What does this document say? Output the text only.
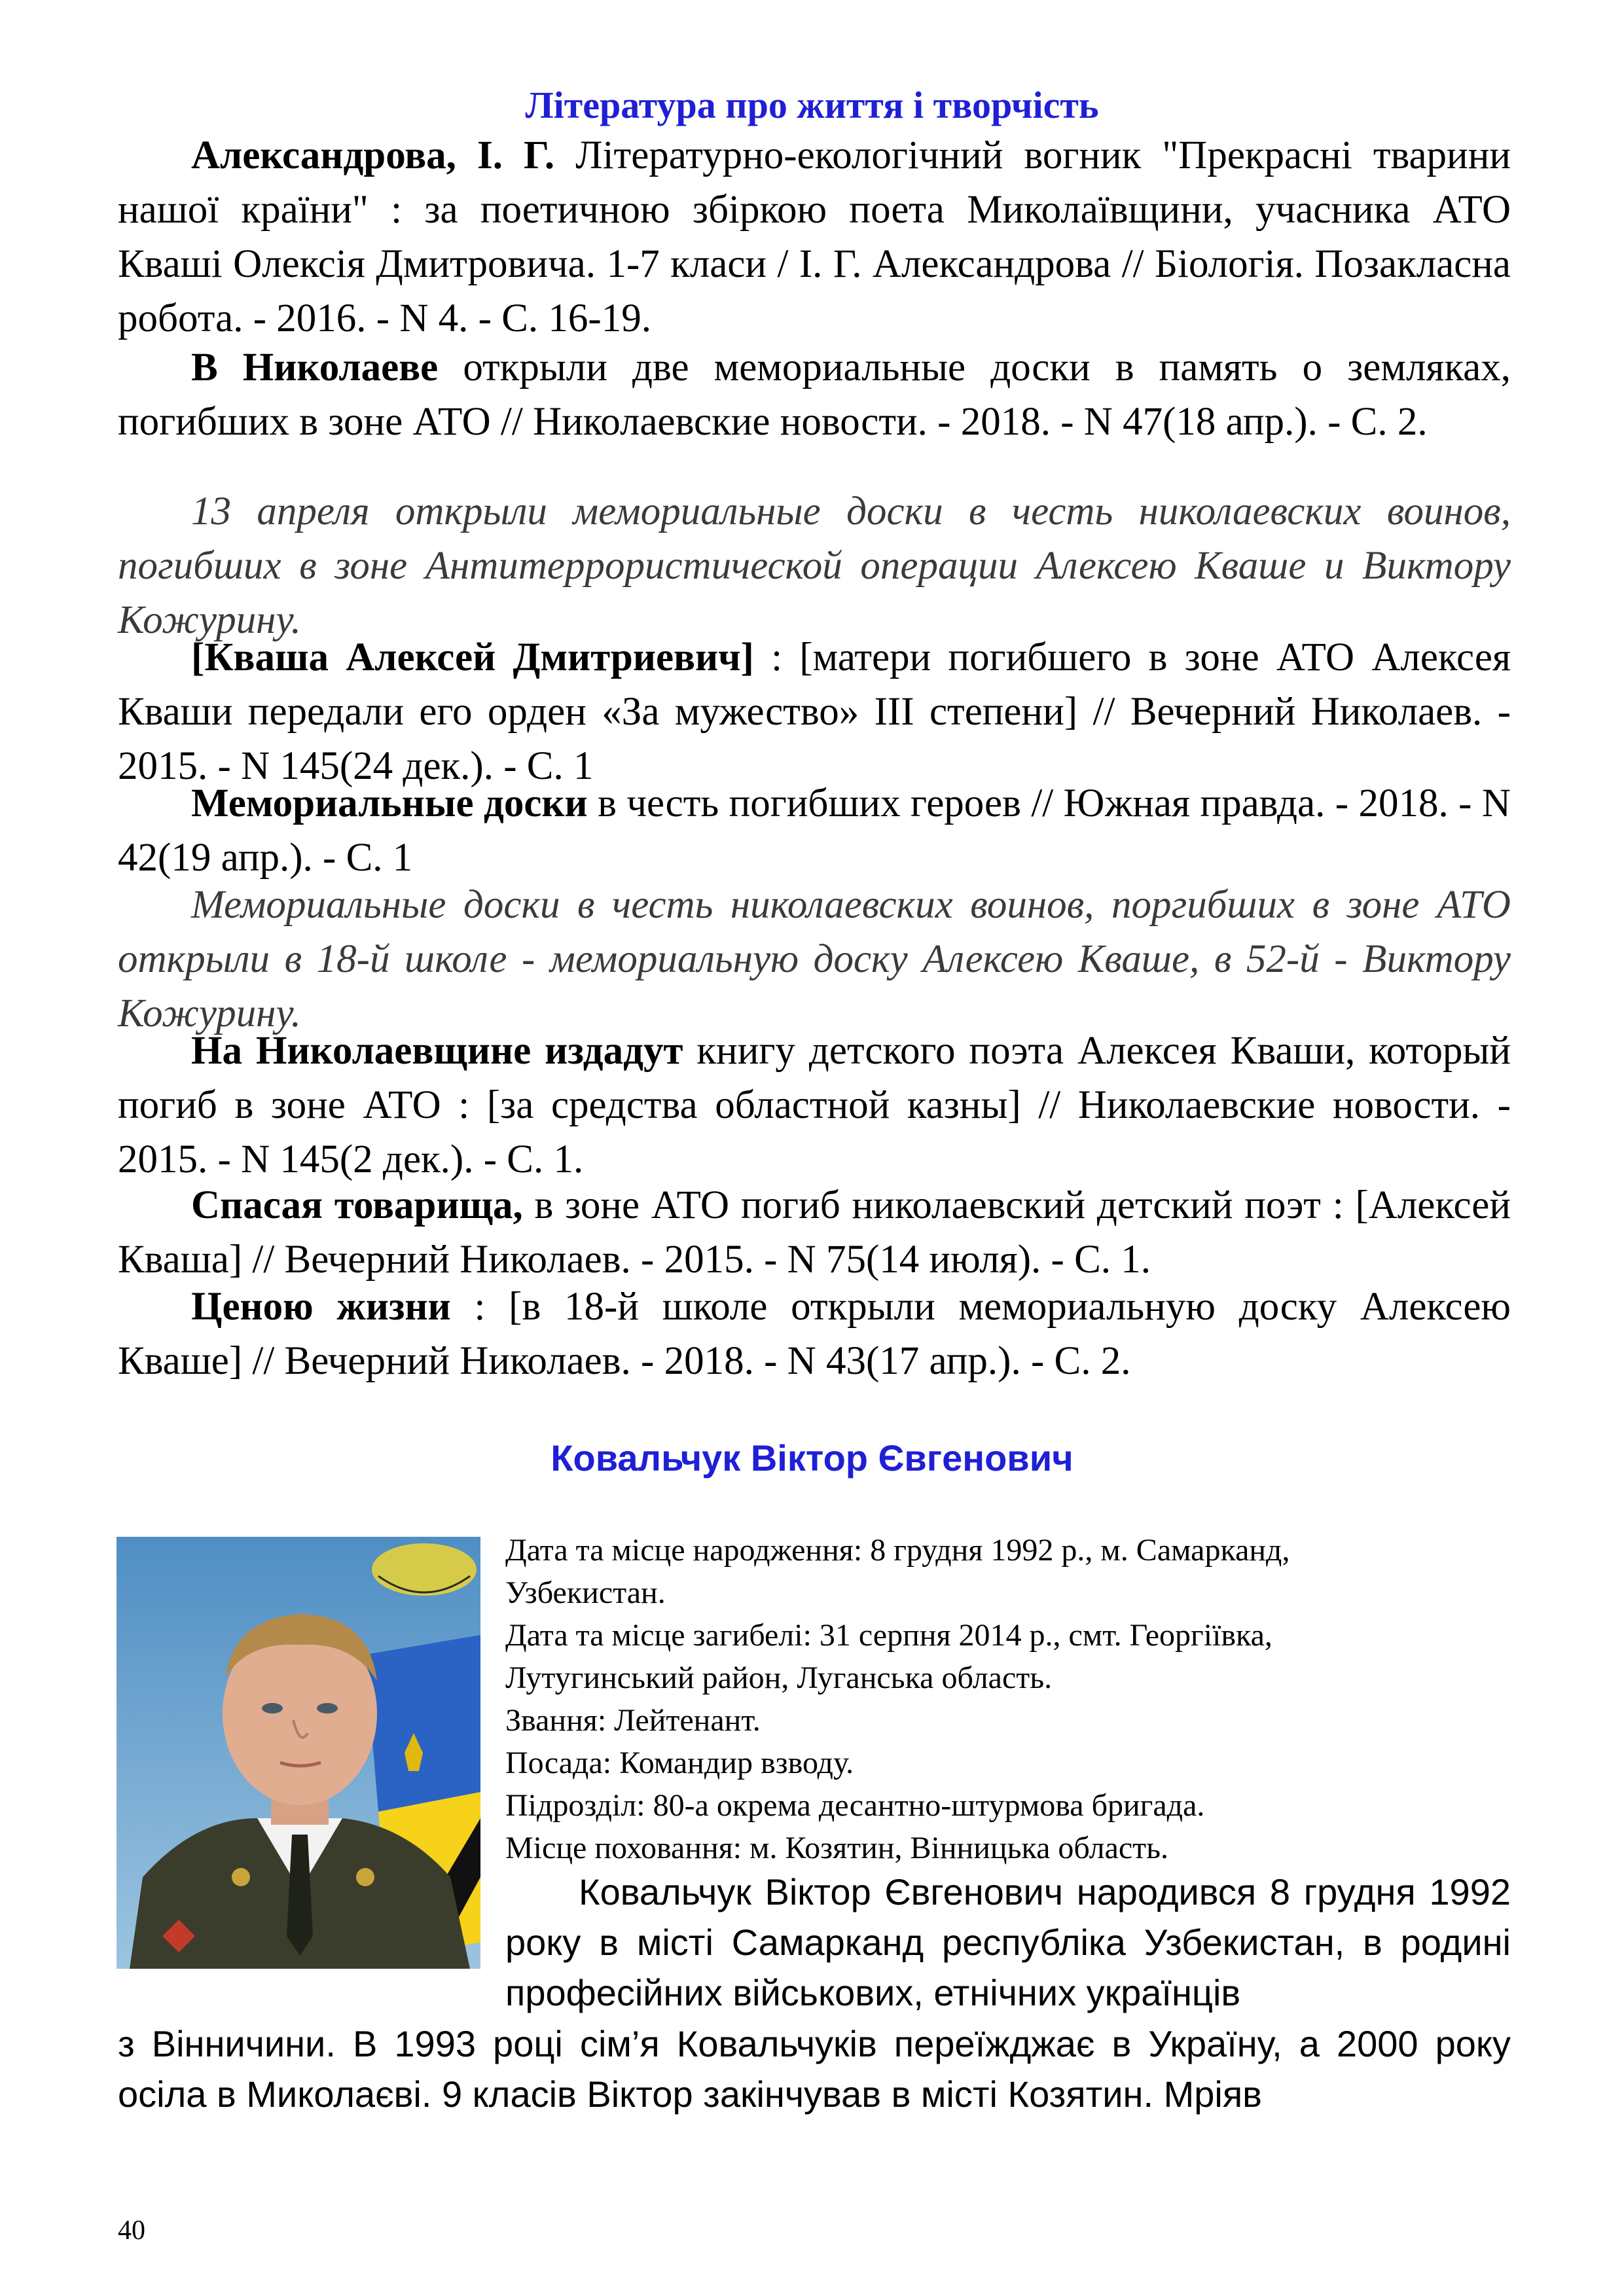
Література про життя і творчість

Александрова, І. Г. Літературно-екологічний вогник "Прекрасні тварини нашої країни" : за поетичною збіркою поета Миколаївщини, учасника АТО Кваші Олексія Дмитровича. 1-7 класи / І. Г. Александрова // Біологія. Позакласна робота. - 2016. - N 4. - С. 16-19.

В Николаеве открыли две мемориальные доски в память о земляках, погибших в зоне АТО // Николаевские новости. - 2018. - N 47(18 апр.). - С. 2.

13 апреля открыли мемориальные доски в честь николаевских воинов, погибших в зоне Антитеррористической операции Алексею Кваше и Виктору Кожурину.

[Кваша Алексей Дмитриевич] : [матери погибшего в зоне АТО Алексея Кваши передали его орден «За мужество» ІІІ степени] // Вечерний Николаев. - 2015. - N 145(24 дек.). - С. 1

Мемориальные доски в честь погибших героев // Южная правда. - 2018. - N 42(19 апр.). - С. 1

Мемориальные доски в честь николаевских воинов, поргибших в зоне АТО открыли в 18-й школе - мемориальную доску Алексею Кваше, в 52-й - Виктору Кожурину.

На Николаевщине издадут книгу детского поэта Алексея Кваши, который погиб в зоне АТО : [за средства областной казны] // Николаевские новости. - 2015. - N 145(2 дек.). - С. 1.

Спасая товарища, в зоне АТО погиб николаевский детский поэт : [Алексей Кваша] // Вечерний Николаев. - 2015. - N 75(14 июля). - С. 1.

Ценою жизни : [в 18-й школе открыли мемориальную доску Алексею Кваше] // Вечерний Николаев. - 2018. - N 43(17 апр.). - С. 2.

Ковальчук Віктор Євгенович
Дата та місце народження: 8 грудня 1992 р., м. Самарканд,
Узбекистан.
Дата та місце загибелі: 31 серпня 2014 р., смт. Георгіївка,
Лутугинський район, Луганська область.
Звання: Лейтенант.
Посада: Командир взводу.
Підрозділ: 80-а окрема десантно-штурмова бригада.
Місце поховання: м. Козятин, Вінницька область.

Ковальчук Віктор Євгенович народився 8 грудня 1992 року в місті Самарканд республіка Узбекистан, в родині професійних військових, етнічних українців

з Вінничини. В 1993 році сім’я Ковальчуків переїжджає в Україну, а 2000 року осіла в Миколаєві. 9 класів Віктор закінчував в місті Козятин. Мріяв

40
